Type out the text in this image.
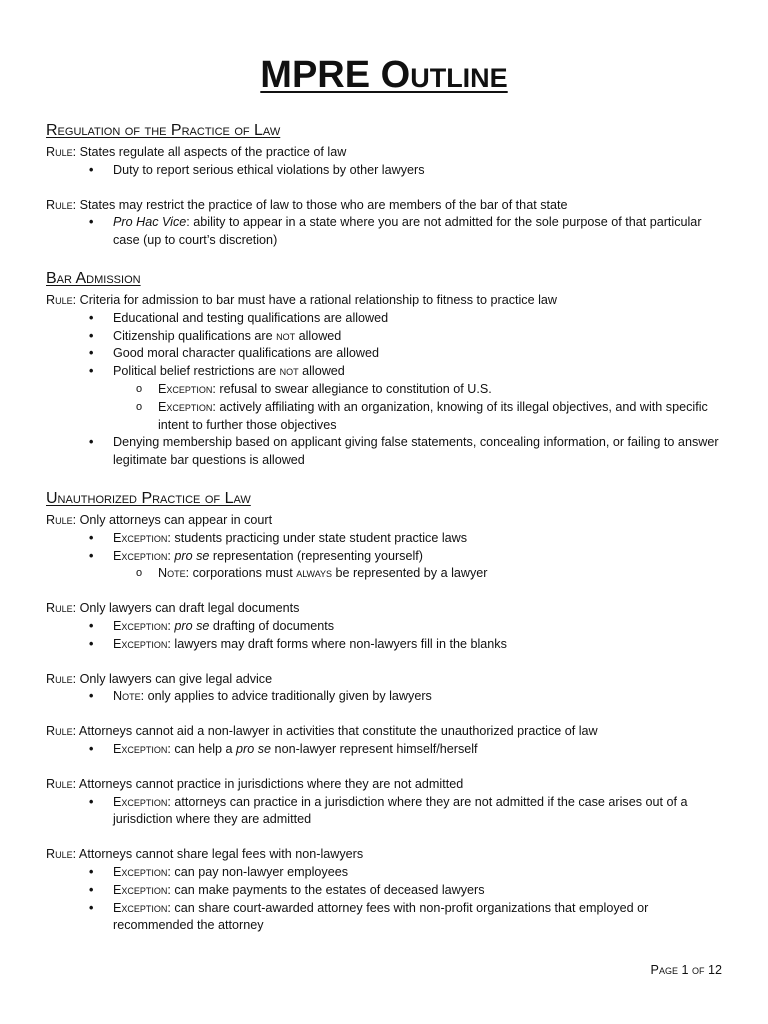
MPRE Outline
Regulation of the Practice of Law

Rule: States regulate all aspects of the practice of law

• Duty to report serious ethical violations by other lawyers

Rule: States may restrict the practice of law to those who are members of the bar of that state

• Pro Hac Vice: ability to appear in a state where you are not admitted for the sole purpose of that particular case (up to court’s discretion)
Bar Admission

Rule: Criteria for admission to bar must have a rational relationship to fitness to practice law

• Educational and testing qualifications are allowed
• Citizenship qualifications are not allowed
• Good moral character qualifications are allowed
• Political belief restrictions are not allowed
o Exception: refusal to swear allegiance to constitution of U.S.
o Exception: actively affiliating with an organization, knowing of its illegal objectives, and with specific intent to further those objectives
• Denying membership based on applicant giving false statements, concealing information, or failing to answer legitimate bar questions is allowed
Unauthorized Practice of Law

Rule: Only attorneys can appear in court

• Exception: students practicing under state student practice laws
• Exception: pro se representation (representing yourself)
o Note: corporations must always be represented by a lawyer

Rule: Only lawyers can draft legal documents

• Exception: pro se drafting of documents
• Exception: lawyers may draft forms where non-lawyers fill in the blanks

Rule: Only lawyers can give legal advice

• Note: only applies to advice traditionally given by lawyers

Rule: Attorneys cannot aid a non-lawyer in activities that constitute the unauthorized practice of law

• Exception: can help a pro se non-lawyer represent himself/herself

Rule: Attorneys cannot practice in jurisdictions where they are not admitted

• Exception: attorneys can practice in a jurisdiction where they are not admitted if the case arises out of a jurisdiction where they are admitted

Rule: Attorneys cannot share legal fees with non-lawyers

• Exception: can pay non-lawyer employees
• Exception: can make payments to the estates of deceased lawyers
• Exception: can share court-awarded attorney fees with non-profit organizations that employed or recommended the attorney
Page 1 of 12
